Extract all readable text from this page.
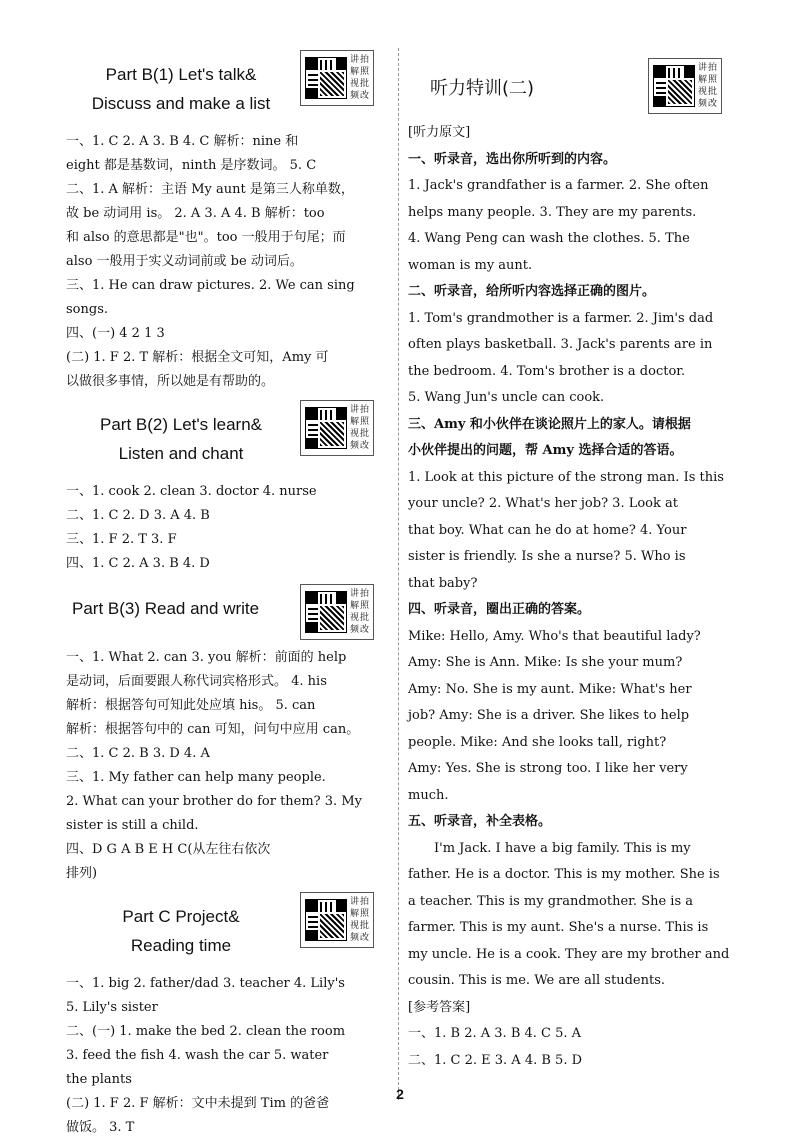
Part B(1) Let's talk&
Discuss and make a list
讲拍解照视批频改

一、1. C 2. A 3. B 4. C 解析：nine 和

eight 都是基数词，ninth 是序数词。 5. C

二、1. A 解析：主语 My aunt 是第三人称单数，

故 be 动词用 is。 2. A 3. A 4. B 解析：too

和 also 的意思都是"也"。too 一般用于句尾；而

also 一般用于实义动词前或 be 动词后。

三、1. He can draw pictures. 2. We can sing

songs.

四、(一) 4 2 1 3

(二) 1. F 2. T 解析：根据全文可知，Amy 可

以做很多事情，所以她是有帮助的。

Part B(2) Let's learn&
Listen and chant
讲拍解照视批频改

一、1. cook 2. clean 3. doctor 4. nurse

二、1. C 2. D 3. A 4. B

三、1. F 2. T 3. F

四、1. C 2. A 3. B 4. D

Part B(3) Read and write
讲拍解照视批频改

一、1. What 2. can 3. you 解析：前面的 help

是动词，后面要跟人称代词宾格形式。 4. his

解析：根据答句可知此处应填 his。 5. can

解析：根据答句中的 can 可知，问句中应用 can。

二、1. C 2. B 3. D 4. A

三、1. My father can help many people.

2. What can your brother do for them? 3. My

sister is still a child.

四、D G A B E H C(从左往右依次

排列)

Part C Project&
Reading time
讲拍解照视批频改

一、1. big 2. father/dad 3. teacher 4. Lily's

5. Lily's sister

二、(一) 1. make the bed 2. clean the room

3. feed the fish 4. wash the car 5. water

the plants

(二) 1. F 2. F 解析：文中未提到 Tim 的爸爸

做饭。 3. T

听力特训(二)
讲拍解照视批频改

[听力原文]

一、听录音，选出你所听到的内容。

1. Jack's grandfather is a farmer. 2. She often

helps many people. 3. They are my parents.

4. Wang Peng can wash the clothes. 5. The

woman is my aunt.

二、听录音，给所听内容选择正确的图片。

1. Tom's grandmother is a farmer. 2. Jim's dad

often plays basketball. 3. Jack's parents are in

the bedroom. 4. Tom's brother is a doctor.

5. Wang Jun's uncle can cook.

三、Amy 和小伙伴在谈论照片上的家人。请根据

小伙伴提出的问题，帮 Amy 选择合适的答语。

1. Look at this picture of the strong man. Is this

your uncle? 2. What's her job? 3. Look at

that boy. What can he do at home? 4. Your

sister is friendly. Is she a nurse? 5. Who is

that baby?

四、听录音，圈出正确的答案。

Mike: Hello, Amy. Who's that beautiful lady?

Amy: She is Ann. Mike: Is she your mum?

Amy: No. She is my aunt. Mike: What's her

job? Amy: She is a driver. She likes to help

people. Mike: And she looks tall, right?

Amy: Yes. She is strong too. I like her very

much.

五、听录音，补全表格。

I'm Jack. I have a big family. This is my

father. He is a doctor. This is my mother. She is

a teacher. This is my grandmother. She is a

farmer. This is my aunt. She's a nurse. This is

my uncle. He is a cook. They are my brother and

cousin. This is me. We are all students.

[参考答案]

一、1. B 2. A 3. B 4. C 5. A

二、1. C 2. E 3. A 4. B 5. D

2
